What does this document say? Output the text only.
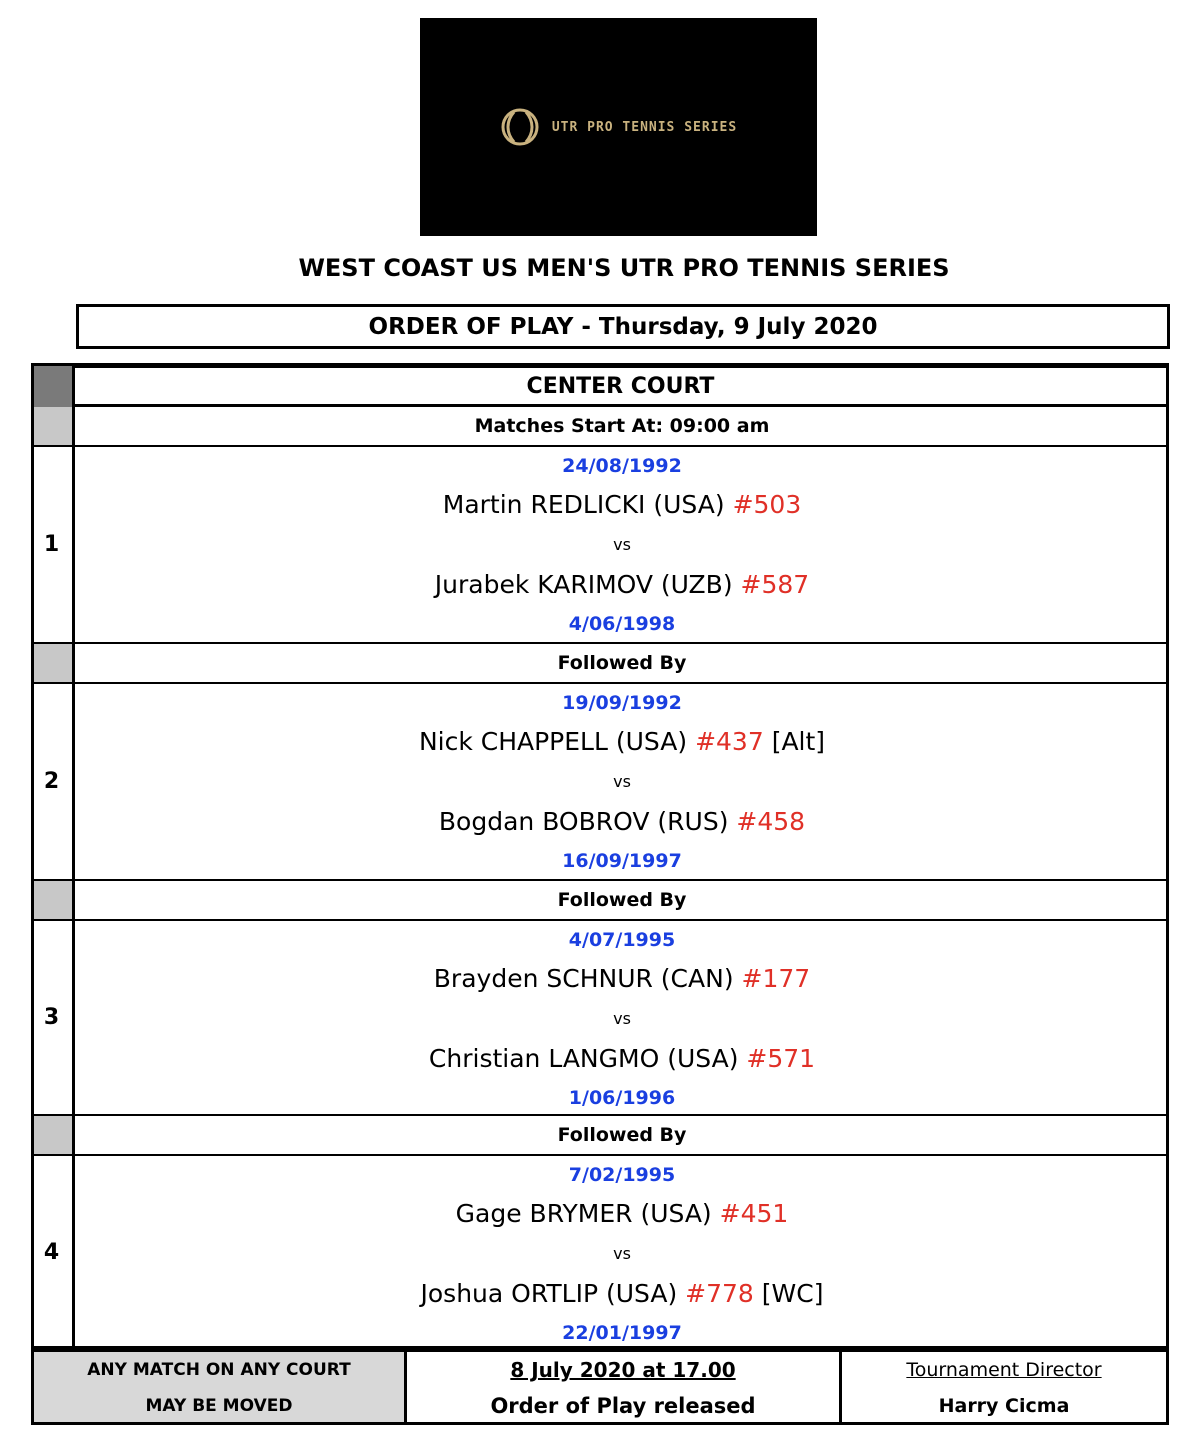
UTR PRO TENNIS SERIES
WEST COAST US MEN'S UTR PRO TENNIS SERIES
ORDER OF PLAY - Thursday, 9 July 2020
CENTER COURT
Matches Start At: 09:00 am
1
24/08/1992
Martin REDLICKI (USA) #503
vs
Jurabek KARIMOV (UZB) #587
4/06/1998
Followed By
2
19/09/1992
Nick CHAPPELL (USA) #437 [Alt]
vs
Bogdan BOBROV (RUS) #458
16/09/1997
Followed By
3
4/07/1995
Brayden SCHNUR (CAN) #177
vs
Christian LANGMO (USA) #571
1/06/1996
Followed By
4
7/02/1995
Gage BRYMER (USA) #451
vs
Joshua ORTLIP (USA) #778 [WC]
22/01/1997
ANY MATCH ON ANY COURT
MAY BE MOVED
8 July 2020 at 17.00
Order of Play released
Tournament Director
Harry Cicma
